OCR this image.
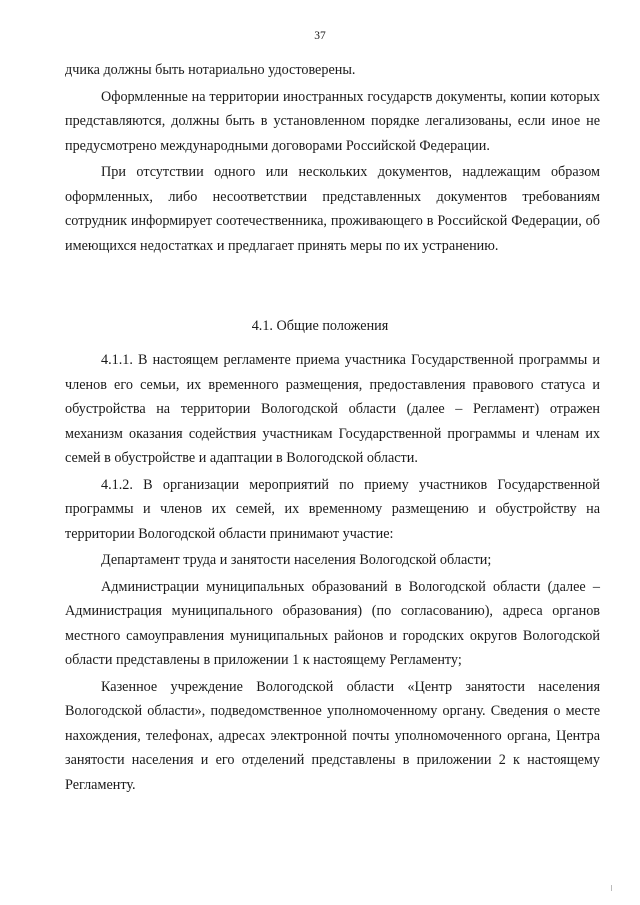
37

дчика должны быть нотариально удостоверены.

Оформленные на территории иностранных государств документы, копии которых представляются, должны быть в установленном порядке легализованы, если иное не предусмотрено международными договорами Российской Федерации.

При отсутствии одного или нескольких документов, надлежащим образом оформленных, либо несоответствии представленных документов требованиям сотрудник информирует соотечественника, проживающего в Российской Федерации, об имеющихся недостатках и предлагает принять меры по их устранению.

4.1. Общие положения

4.1.1. В настоящем регламенте приема участника Государственной программы и членов его семьи, их временного размещения, предоставления правового статуса и обустройства на территории Вологодской области (далее – Регламент) отражен механизм оказания содействия участникам Государственной программы и членам их семей в обустройстве и адаптации в Вологодской области.

4.1.2. В организации мероприятий по приему участников Государственной программы и членов их семей, их временному размещению и обустройству на территории Вологодской области принимают участие:

Департамент труда и занятости населения Вологодской области;

Администрации муниципальных образований в Вологодской области (далее – Администрация муниципального образования) (по согласованию), адреса органов местного самоуправления муниципальных районов и городских округов Вологодской области представлены в приложении 1 к настоящему Регламенту;

Казенное учреждение Вологодской области «Центр занятости населения Вологодской области», подведомственное уполномоченному органу. Сведения о месте нахождения, телефонах, адресах электронной почты уполномоченного органа, Центра занятости населения и его отделений представлены в приложении 2 к настоящему Регламенту.
